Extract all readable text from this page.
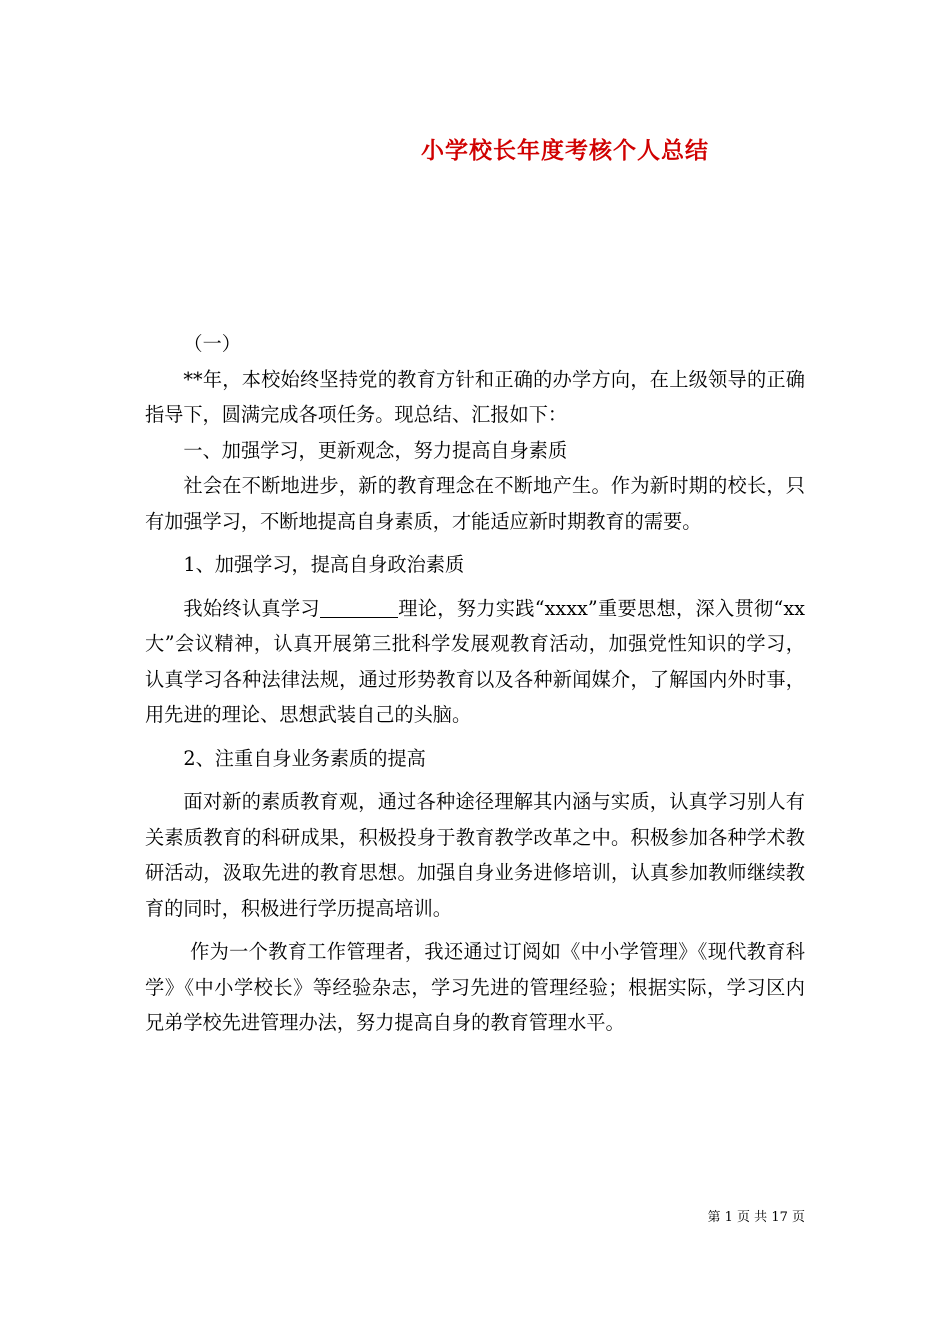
小学校长年度考核个人总结

（一）

**年，本校始终坚持党的教育方针和正确的办学方向，在上级领导的正确指导下，圆满完成各项任务。现总结、汇报如下：

一、加强学习，更新观念，努力提高自身素质

社会在不断地进步，新的教育理念在不断地产生。作为新时期的校长，只有加强学习，不断地提高自身素质，才能适应新时期教育的需要。

1、加强学习，提高自身政治素质

我始终认真学习	理论，努力实践“xxxx”重要思想，深入贯彻“xx大”会议精神，认真开展第三批科学发展观教育活动，加强党性知识的学习，认真学习各种法律法规，通过形势教育以及各种新闻媒介，了解国内外时事，用先进的理论、思想武装自己的头脑。

2、注重自身业务素质的提高

面对新的素质教育观，通过各种途径理解其内涵与实质，认真学习别人有关素质教育的科研成果，积极投身于教育教学改革之中。积极参加各种学术教研活动，汲取先进的教育思想。加强自身业务进修培训，认真参加教师继续教育的同时，积极进行学历提高培训。

作为一个教育工作管理者，我还通过订阅如《中小学管理》《现代教育科学》《中小学校长》等经验杂志，学习先进的管理经验；根据实际，学习区内兄弟学校先进管理办法，努力提高自身的教育管理水平。

第 1 页 共 17 页
